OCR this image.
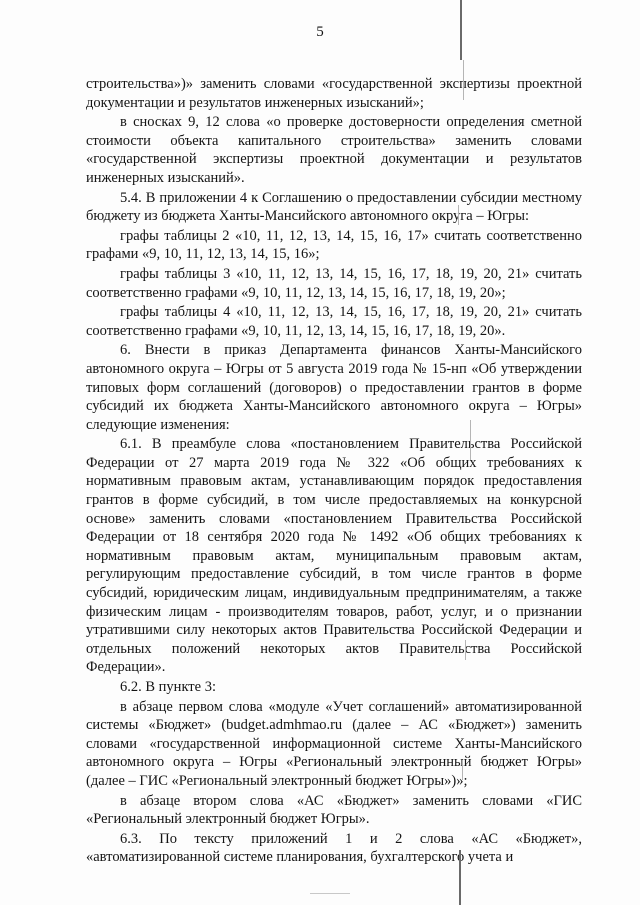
5

строительства»)» заменить словами «государственной экспертизы проектной документации и результатов инженерных изысканий»;

в сносках 9, 12 слова «о проверке достоверности определения сметной стоимости объекта капитального строительства» заменить словами «государственной экспертизы проектной документации и результатов инженерных изысканий».

5.4. В приложении 4 к Соглашению о предоставлении субсидии местному бюджету из бюджета Ханты-Мансийского автономного округа – Югры:

графы таблицы 2 «10, 11, 12, 13, 14, 15, 16, 17» считать соответственно графами «9, 10, 11, 12, 13, 14, 15, 16»;

графы таблицы 3 «10, 11, 12, 13, 14, 15, 16, 17, 18, 19, 20, 21» считать соответственно графами «9, 10, 11, 12, 13, 14, 15, 16, 17, 18, 19, 20»;

графы таблицы 4 «10, 11, 12, 13, 14, 15, 16, 17, 18, 19, 20, 21» считать соответственно графами «9, 10, 11, 12, 13, 14, 15, 16, 17, 18, 19, 20».

6. Внести в приказ Департамента финансов Ханты-Мансийского автономного округа – Югры от 5 августа 2019 года № 15-нп «Об утверждении типовых форм соглашений (договоров) о предоставлении грантов в форме субсидий их бюджета Ханты-Мансийского автономного округа – Югры» следующие изменения:

6.1. В преамбуле слова «постановлением Правительства Российской Федерации от 27 марта 2019 года № 322 «Об общих требованиях к нормативным правовым актам, устанавливающим порядок предоставления грантов в форме субсидий, в том числе предоставляемых на конкурсной основе» заменить словами «постановлением Правительства Российской Федерации от 18 сентября 2020 года № 1492 «Об общих требованиях к нормативным правовым актам, муниципальным правовым актам, регулирующим предоставление субсидий, в том числе грантов в форме субсидий, юридическим лицам, индивидуальным предпринимателям, а также физическим лицам - производителям товаров, работ, услуг, и о признании утратившими силу некоторых актов Правительства Российской Федерации и отдельных положений некоторых актов Правительства Российской Федерации».

6.2. В пункте 3:

в абзаце первом слова «модуле «Учет соглашений» автоматизированной системы «Бюджет» (budget.admhmao.ru (далее – АС «Бюджет») заменить словами «государственной информационной системе Ханты-Мансийского автономного округа – Югры «Региональный электронный бюджет Югры» (далее – ГИС «Региональный электронный бюджет Югры»)»;

в абзаце втором слова «АС «Бюджет» заменить словами «ГИС «Региональный электронный бюджет Югры».

6.3. По тексту приложений 1 и 2 слова «АС «Бюджет», «автоматизированной системе планирования, бухгалтерского учета и
